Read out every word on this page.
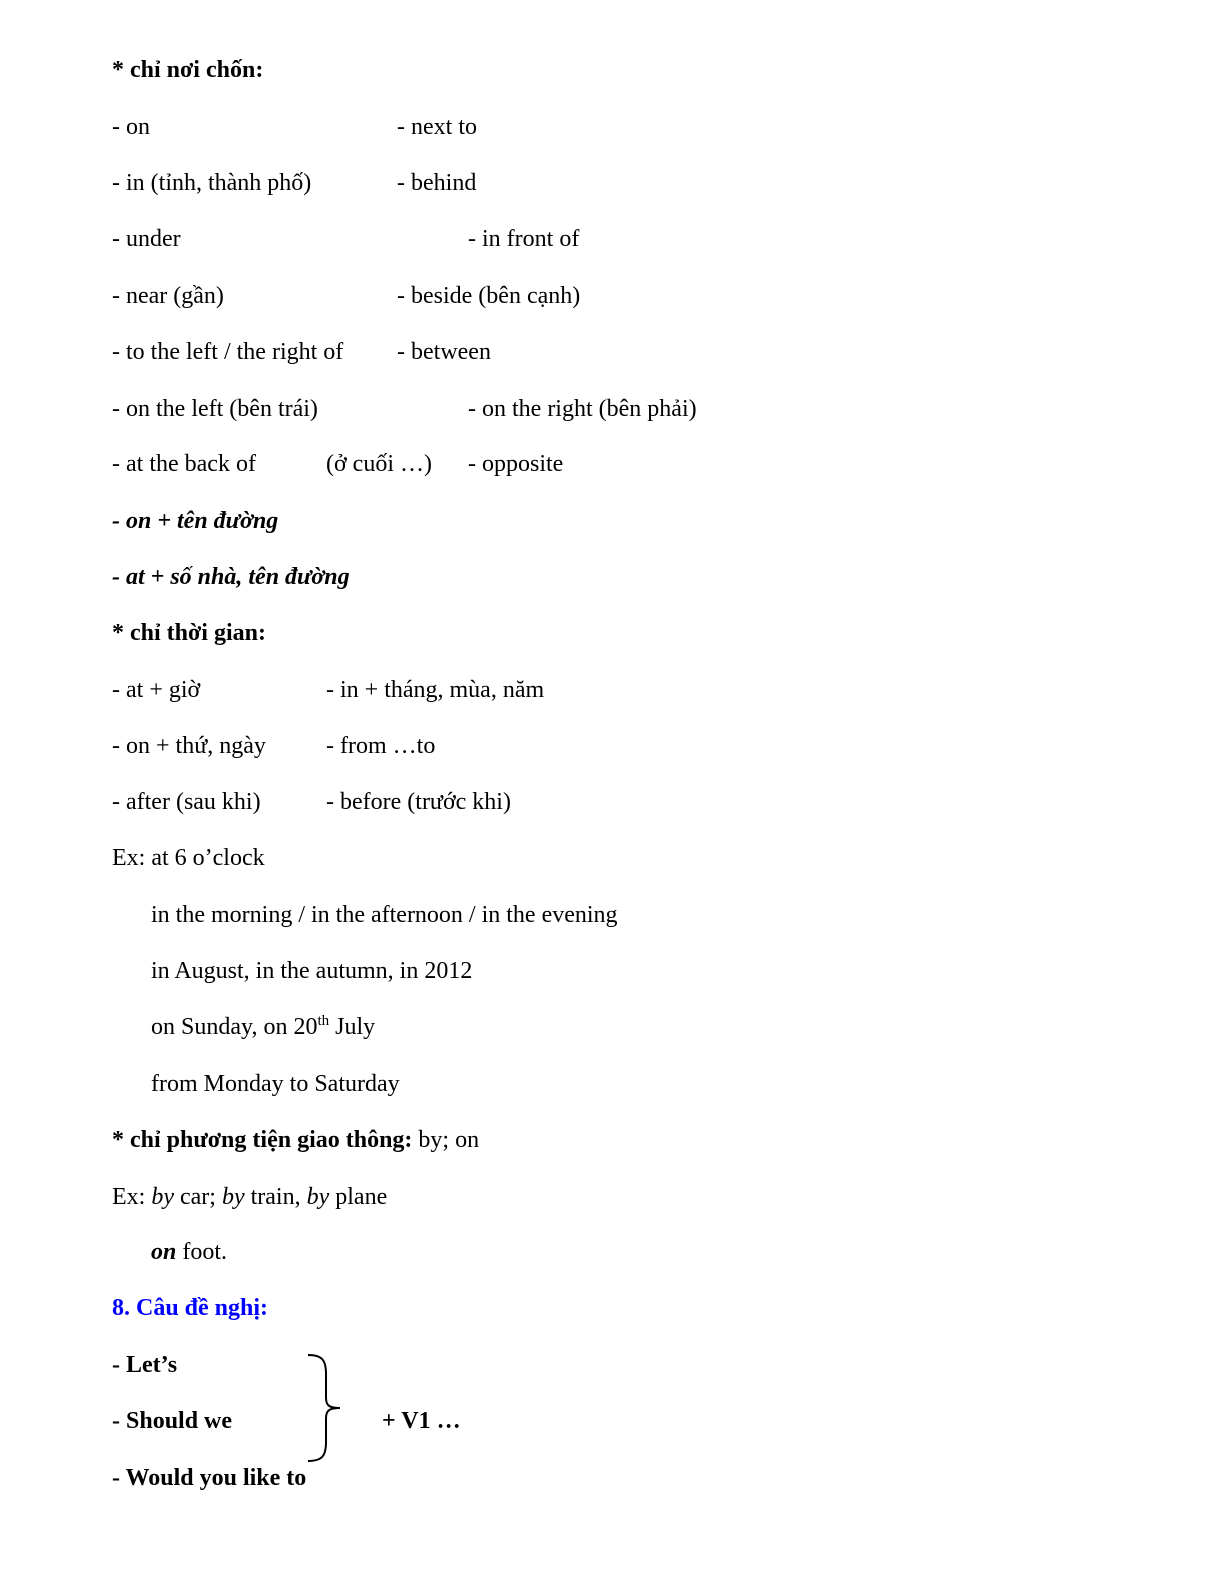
* chỉ nơi chốn:
- on	- next to
- in (tỉnh, thành phố)	- behind
- under	- in front of
- near (gần)	- beside (bên cạnh)
- to the left / the right of - between
- on the left (bên trái)	- on the right (bên phải)
- at the back of	(ở cuối …) - opposite
- on + tên đường
- at + số nhà, tên đường
* chỉ thời gian:
- at + giờ	- in + tháng, mùa, năm
- on + thứ, ngày	- from …to
- after (sau khi)	- before (trước khi)
Ex: at 6 o’clock
in the morning / in the afternoon / in the evening
in August, in the autumn, in 2012
on Sunday, on 20th July
from Monday to Saturday
* chỉ phương tiện giao thông: by; on
Ex: by car; by train, by plane
on foot.
8. Câu đề nghị:
- Let’s
- Should we
- Would you like to
+ V1 …
